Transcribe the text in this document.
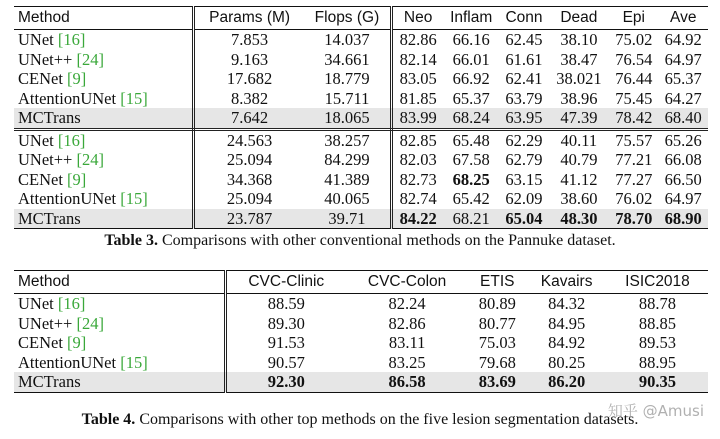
Method	Params (M)	Flops (G)	Neo	Inflam	Conn	Dead	Epi	Ave
UNet [16]	7.853	14.037	82.86	66.16	62.45	38.10	75.02	64.92
UNet++ [24]	9.163	34.661	82.14	66.01	61.61	38.47	76.54	64.97
CENet [9]	17.682	18.779	83.05	66.92	62.41	38.021	76.44	65.37
AttentionUNet [15]	8.382	15.711	81.85	65.37	63.79	38.96	75.45	64.27
MCTrans	7.642	18.065	83.99	68.24	63.95	47.39	78.42	68.40
UNet [16]	24.563	38.257	82.85	65.48	62.29	40.11	75.57	65.26
UNet++ [24]	25.094	84.299	82.03	67.58	62.79	40.79	77.21	66.08
CENet [9]	34.368	41.389	82.73	68.25	63.15	41.12	77.27	66.50
AttentionUNet [15]	25.094	40.065	82.74	65.42	62.09	38.60	76.02	64.97
MCTrans	23.787	39.71	84.22	68.21	65.04	48.30	78.70	68.90
Table 3. Comparisons with other conventional methods on the Pannuke dataset.
Method	CVC-Clinic	CVC-Colon	ETIS	Kavairs	ISIC2018
UNet [16]	88.59	82.24	80.89	84.32	88.78
UNet++ [24]	89.30	82.86	80.77	84.95	88.85
CENet [9]	91.53	83.11	75.03	84.92	89.53
AttentionUNet [15]	90.57	83.25	79.68	80.25	88.95
MCTrans	92.30	86.58	83.69	86.20	90.35
Table 4. Comparisons with other top methods on the five lesion segmentation datasets.
知乎 @Amusi
